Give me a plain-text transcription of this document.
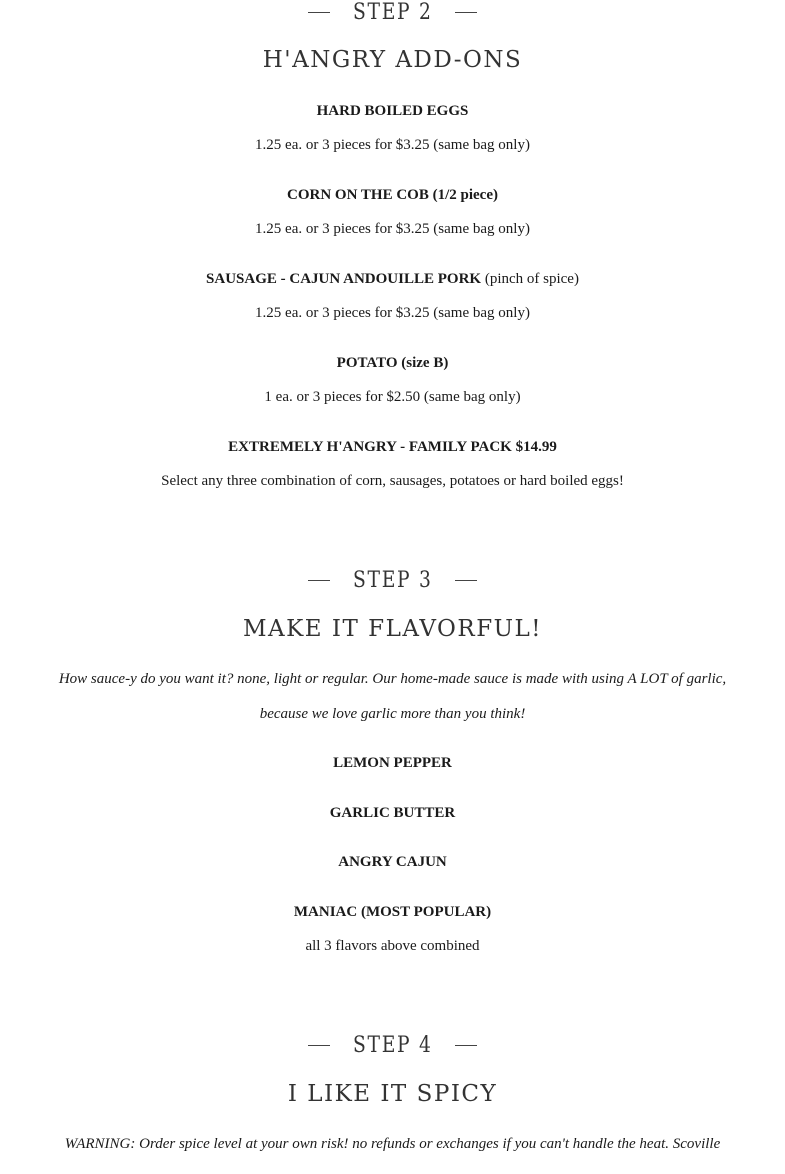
STEP 2
H'ANGRY ADD-ONS
HARD BOILED EGGS
1.25 ea. or 3 pieces for $3.25 (same bag only)
CORN ON THE COB (1/2 piece)
1.25 ea. or 3 pieces for $3.25 (same bag only)
SAUSAGE - CAJUN ANDOUILLE PORK (pinch of spice)
1.25 ea. or 3 pieces for $3.25 (same bag only)
POTATO (size B)
1 ea. or 3 pieces for $2.50 (same bag only)
EXTREMELY H'ANGRY - FAMILY PACK $14.99
Select any three combination of corn, sausages, potatoes or hard boiled eggs!
STEP 3
MAKE IT FLAVORFUL!
How sauce-y do you want it? none, light or regular. Our home-made sauce is made with using A LOT of garlic,
because we love garlic more than you think!
LEMON PEPPER
GARLIC BUTTER
ANGRY CAJUN
MANIAC (MOST POPULAR)
all 3 flavors above combined
STEP 4
I LIKE IT SPICY
WARNING: Order spice level at your own risk! no refunds or exchanges if you can't handle the heat. Scoville
